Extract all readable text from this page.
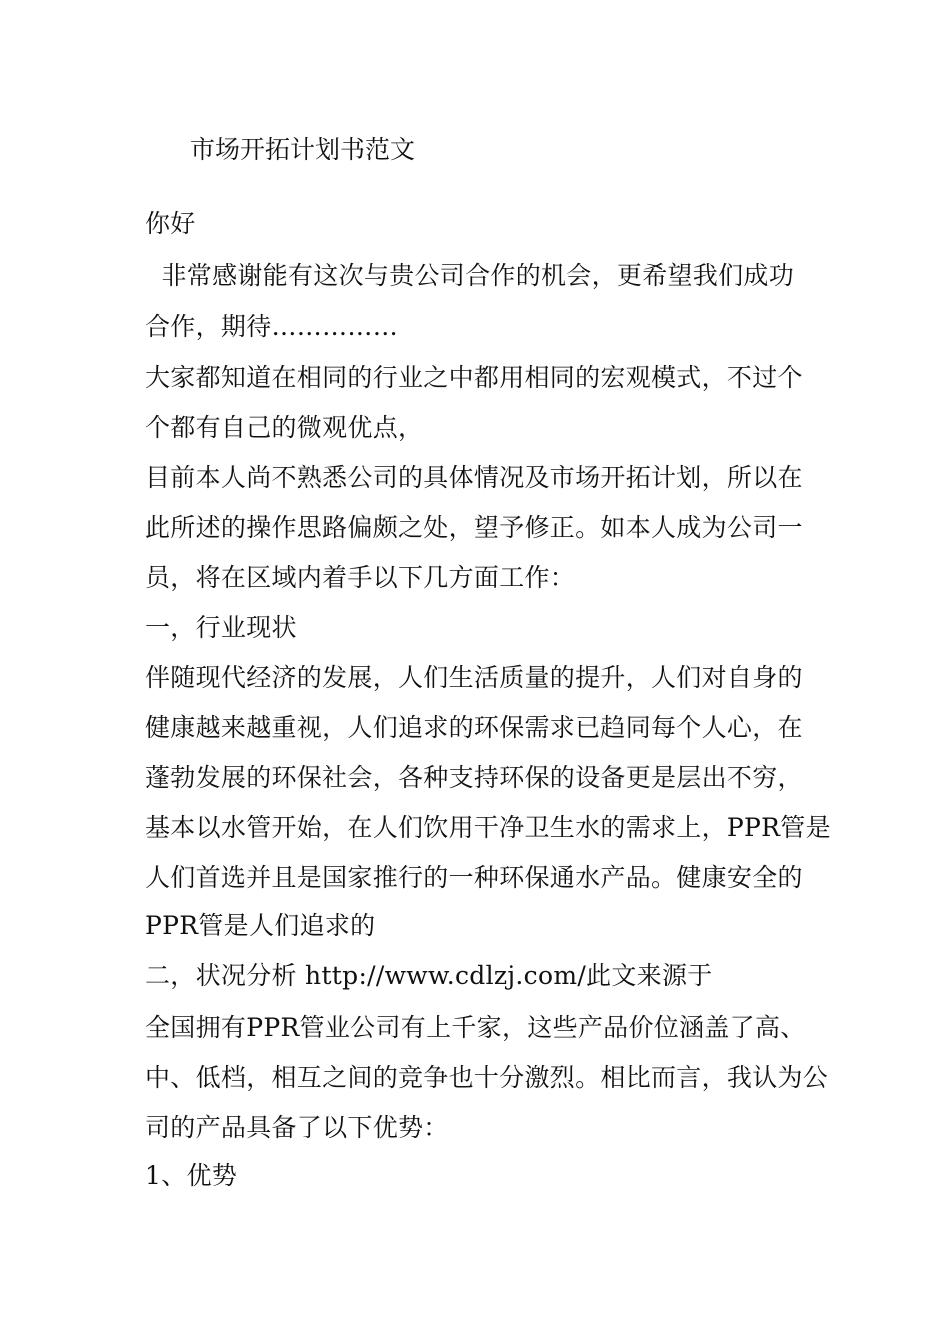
市场开拓计划书范文
你好
非常感谢能有这次与贵公司合作的机会，更希望我们成功
合作，期待……………
大家都知道在相同的行业之中都用相同的宏观模式，不过个
个都有自己的微观优点，
目前本人尚不熟悉公司的具体情况及市场开拓计划，所以在
此所述的操作思路偏颇之处，望予修正。如本人成为公司一
员，将在区域内着手以下几方面工作：
一，行业现状
伴随现代经济的发展，人们生活质量的提升，人们对自身的
健康越来越重视，人们追求的环保需求已趋同每个人心，在
蓬勃发展的环保社会，各种支持环保的设备更是层出不穷，
基本以水管开始，在人们饮用干净卫生水的需求上，PPR管是
人们首选并且是国家推行的一种环保通水产品。健康安全的
PPR管是人们追求的
二，状况分析 http://www.cdlzj.com/此文来源于
全国拥有PPR管业公司有上千家，这些产品价位涵盖了高、
中、低档，相互之间的竞争也十分激烈。相比而言，我认为公
司的产品具备了以下优势：
1、优势
